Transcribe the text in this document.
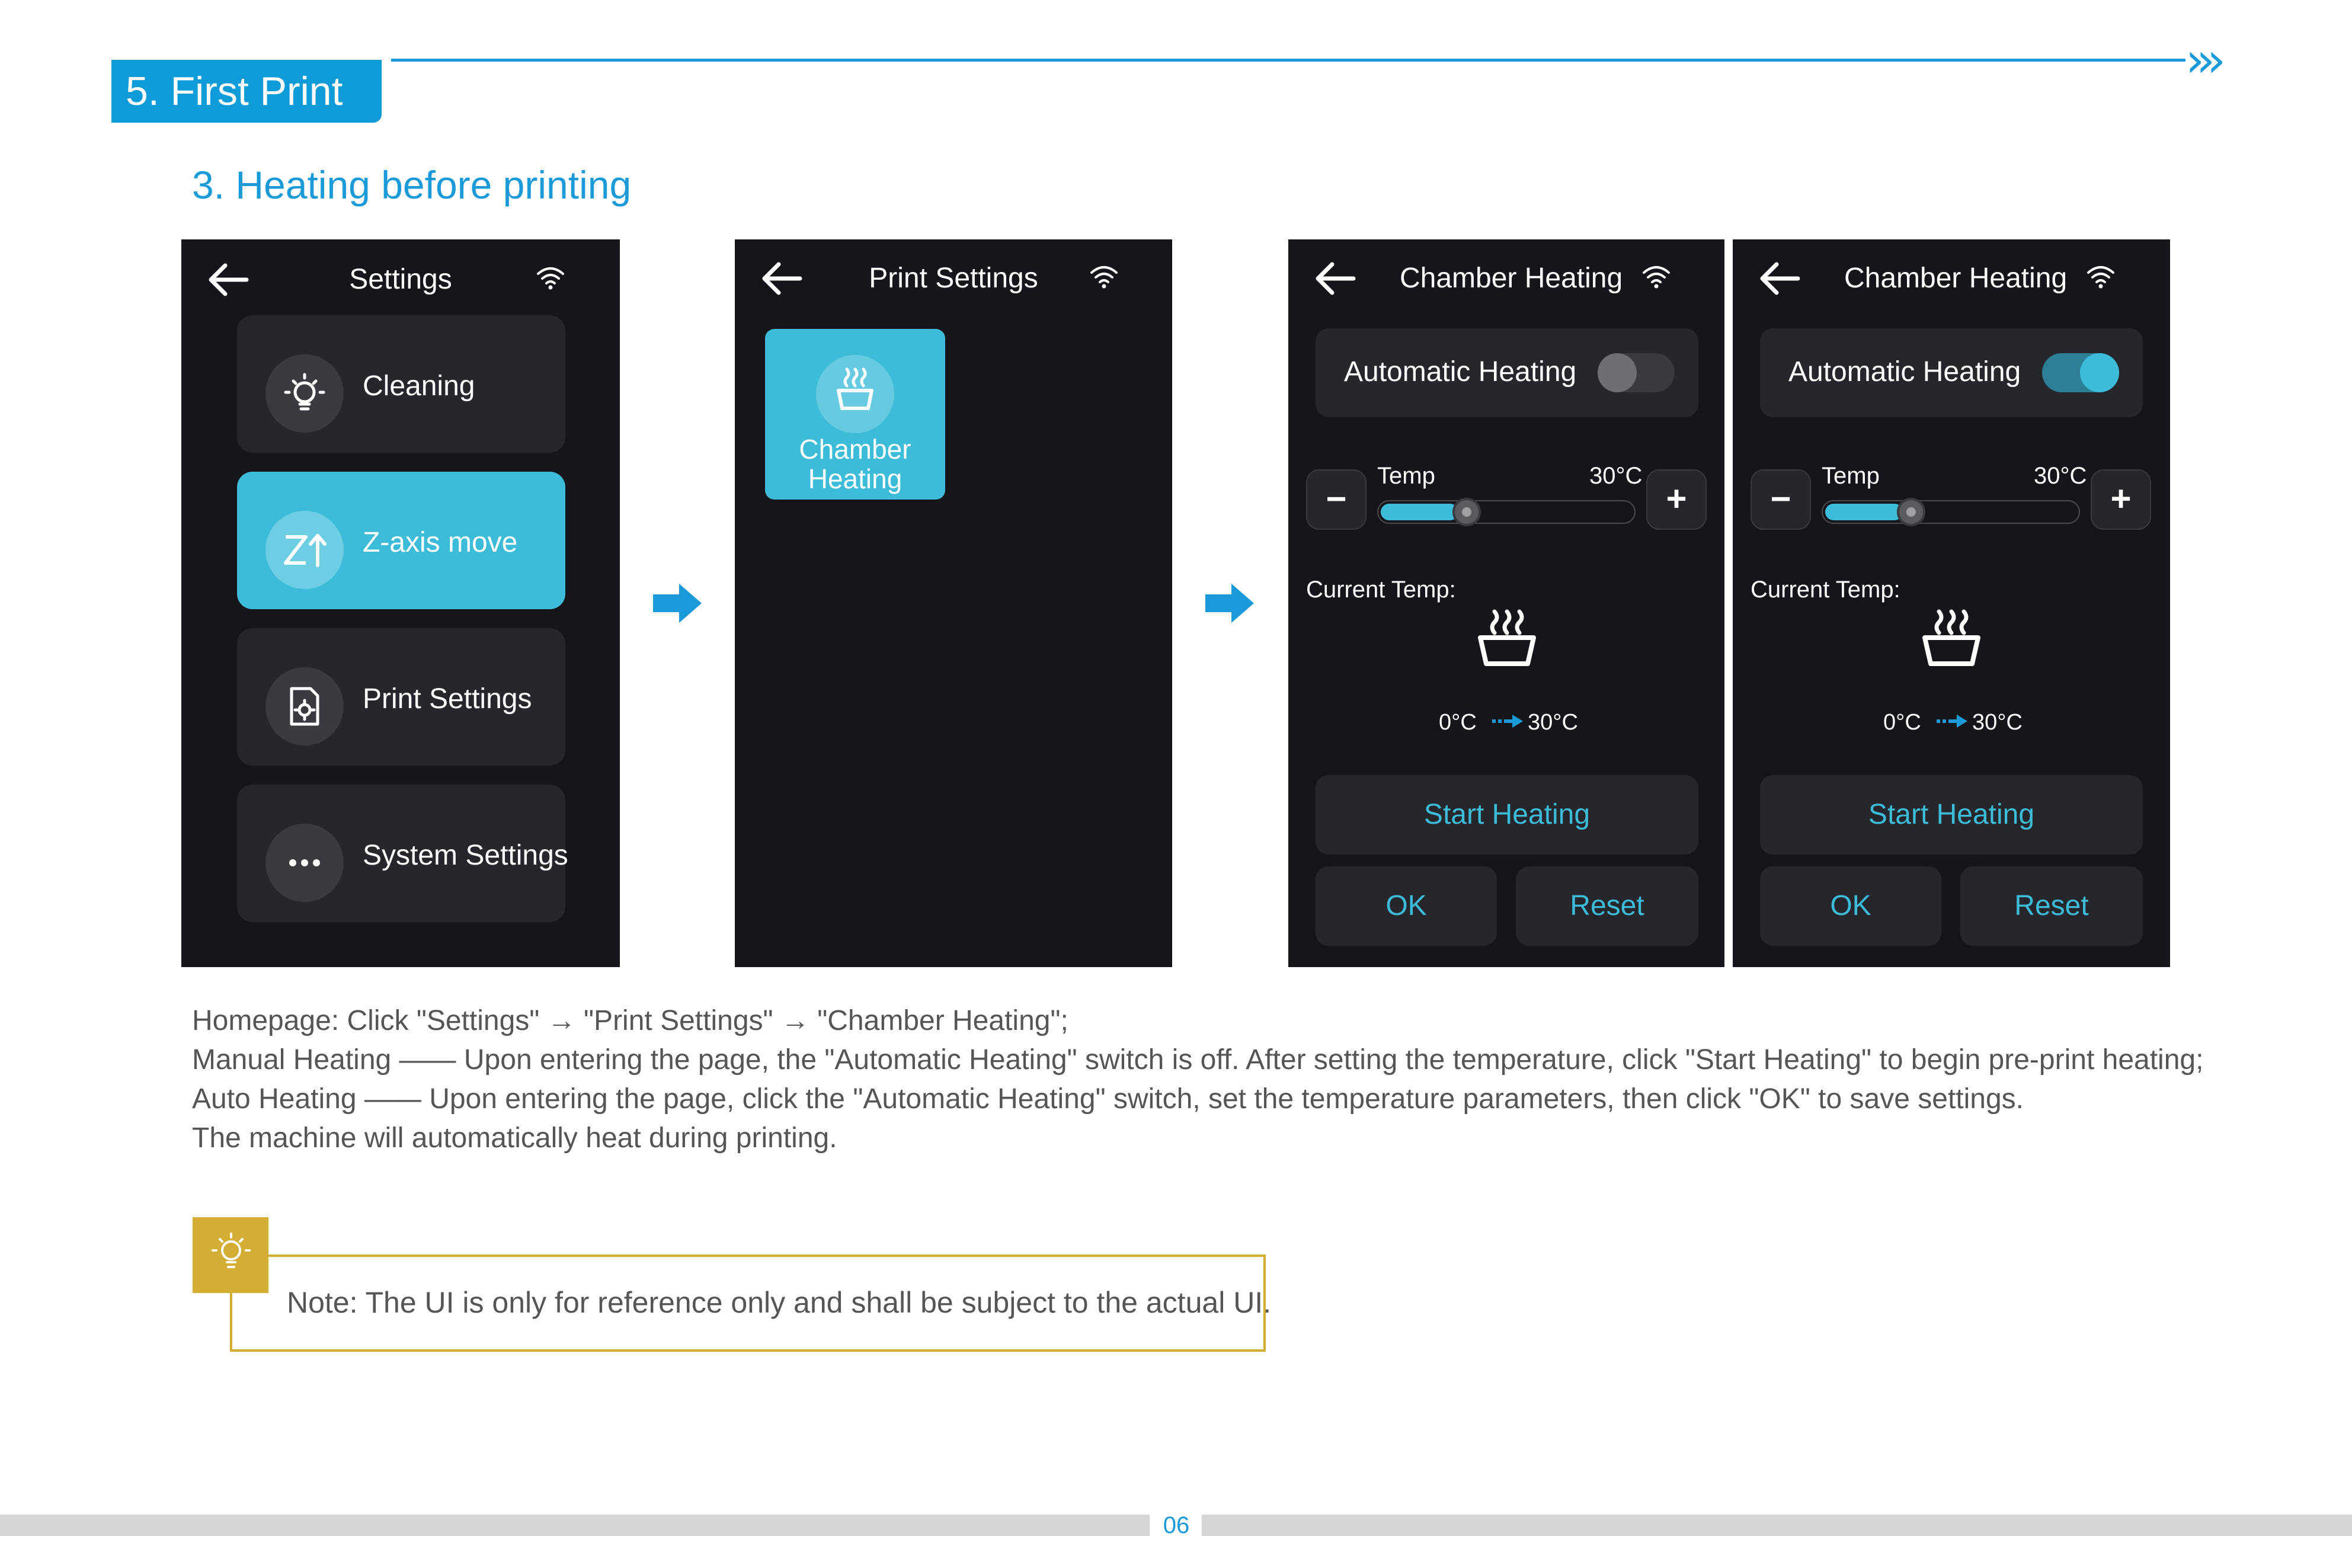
›››
5. First Print
3. Heating before printing
Settings
Cleaning
Z-axis move
Print Settings
System Settings
Print Settings
Chamber
Heating
Chamber Heating
Automatic Heating
−
Temp	30°C
+
Current Temp:
0°C 30°C
Start Heating
OK	Reset
Chamber Heating
Automatic Heating
−
Temp	30°C
+
Current Temp:
0°C 30°C
Start Heating
OK	Reset
Homepage: Click "Settings" → "Print Settings" → "Chamber Heating";
Manual Heating —— Upon entering the page, the "Automatic Heating" switch is off. After setting the temperature, click "Start Heating" to begin pre-print heating;
Auto Heating —— Upon entering the page, click the "Automatic Heating" switch, set the temperature parameters, then click "OK" to save settings.
The machine will automatically heat during printing.
Note: The UI is only for reference only and shall be subject to the actual UI.
06
